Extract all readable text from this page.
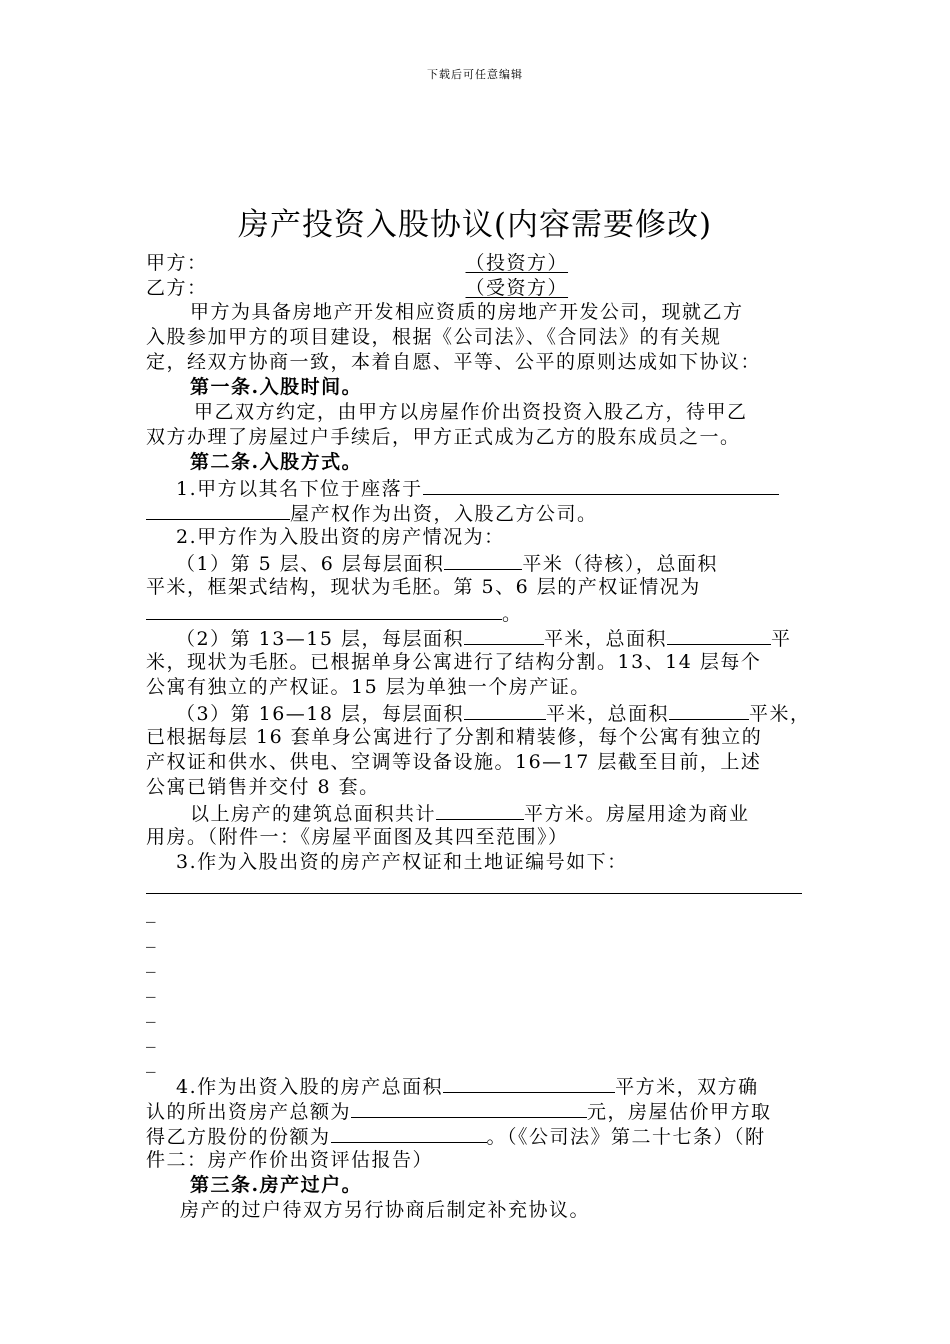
下载后可任意编辑
房产投资入股协议(内容需要修改)
甲方：	（投资方）
乙方：	（受资方）
甲方为具备房地产开发相应资质的房地产开发公司，现就乙方
入股参加甲方的项目建设，根据《公司法》、《合同法》的有关规
定，经双方协商一致，本着自愿、平等、公平的原则达成如下协议：
第一条.入股时间。
甲乙双方约定，由甲方以房屋作价出资投资入股乙方，待甲乙
双方办理了房屋过户手续后，甲方正式成为乙方的股东成员之一。
第二条.入股方式。
1.甲方以其名下位于座落于
屋产权作为出资，入股乙方公司。
2.甲方作为入股出资的房产情况为：
（1）第 5 层、6 层每层面积	平米（待核），总面积
平米，框架式结构，现状为毛胚。第 5、6 层的产权证情况为
。
（2）第 13—15 层，每层面积	平米，总面积	平
米，现状为毛胚。已根据单身公寓进行了结构分割。13、14 层每个
公寓有独立的产权证。15 层为单独一个房产证。
（3）第 16—18 层，每层面积	平米，总面积	平米，
已根据每层 16 套单身公寓进行了分割和精装修，每个公寓有独立的
产权证和供水、供电、空调等设备设施。16—17 层截至目前，上述
公寓已销售并交付 8 套。
以上房产的建筑总面积共计	平方米。房屋用途为商业
用房。（附件一：《房屋平面图及其四至范围》）
3.作为入股出资的房产产权证和土地证编号如下：
_
_
_
_
_
_
_
4.作为出资入股的房产总面积	平方米，双方确
认的所出资房产总额为	元，房屋估价甲方取
得乙方股份的份额为	。（《公司法》第二十七条）（附
件二：房产作价出资评估报告）
第三条.房产过户。
房产的过户待双方另行协商后制定补充协议。
